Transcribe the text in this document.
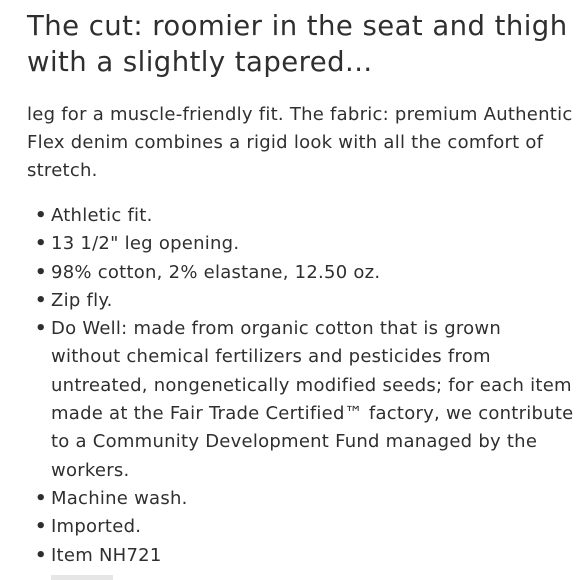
The cut: roomier in the seat and thigh with a slightly tapered...

leg for a muscle-friendly fit. The fabric: premium Authentic Flex denim combines a rigid look with all the comfort of stretch.

• Athletic fit.
• 13 1/2" leg opening.
• 98% cotton, 2% elastane, 12.50 oz.
• Zip fly.
• Do Well: made from organic cotton that is grown without chemical fertilizers and pesticides from untreated, nongenetically modified seeds; for each item made at the Fair Trade Certified™ factory, we contribute to a Community Development Fund managed by the workers.
• Machine wash.
• Imported.
• Item NH721
